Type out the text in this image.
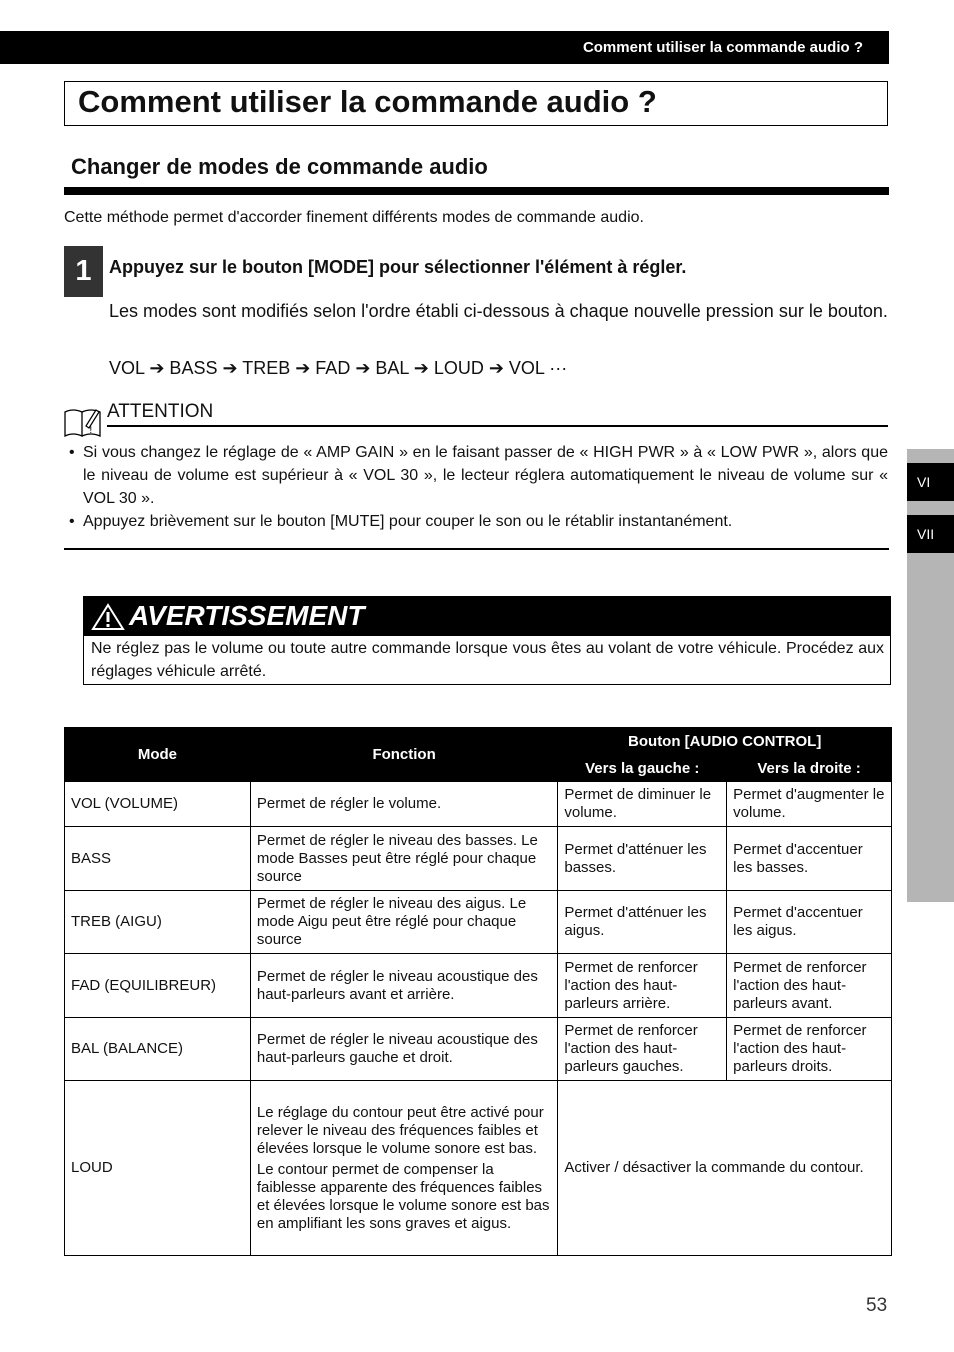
Comment utiliser la commande audio ?
Comment utiliser la commande audio ?
Changer de modes de commande audio
Cette méthode permet d'accorder finement différents modes de commande audio.
1 Appuyez sur le bouton [MODE] pour sélectionner l'élément à régler.
Les modes sont modifiés selon l'ordre établi ci-dessous à chaque nouvelle pression sur le bouton.
VOL ➔ BASS ➔ TREB ➔ FAD ➔ BAL ➔ LOUD ➔ VOL ···
!
ATTENTION
• Si vous changez le réglage de « AMP GAIN » en le faisant passer de « HIGH PWR » à « LOW PWR », alors que le niveau de volume est supérieur à « VOL 30 », le lecteur réglera automatiquement le niveau de volume sur « VOL 30 ».
• Appuyez brièvement sur le bouton [MUTE] pour couper le son ou le rétablir instantanément.
AVERTISSEMENT
Ne réglez pas le volume ou toute autre commande lorsque vous êtes au volant de votre véhicule. Procédez aux réglages véhicule arrêté.
Mode	Fonction	Bouton [AUDIO CONTROL]	
		Vers la gauche :	Vers la droite :
VOL (VOLUME)	Permet de régler le volume.	Permet de diminuer le volume.	Permet d'augmenter le volume.
BASS	Permet de régler le niveau des basses. Le mode Basses peut être réglé pour chaque source	Permet d'atténuer les basses.	Permet d'accentuer les basses.
TREB (AIGU)	Permet de régler le niveau des aigus. Le mode Aigu peut être réglé pour chaque source	Permet d'atténuer les aigus.	Permet d'accentuer les aigus.
FAD (EQUILIBREUR)	Permet de régler le niveau acoustique des haut-parleurs avant et arrière.	Permet de renforcer l'action des haut-parleurs arrière.	Permet de renforcer l'action des haut-parleurs avant.
BAL (BALANCE)	Permet de régler le niveau acoustique des haut-parleurs gauche et droit.	Permet de renforcer l'action des haut-parleurs gauches.	Permet de renforcer l'action des haut-parleurs droits.
LOUD	Le réglage du contour peut être activé pour relever le niveau des fréquences faibles et élevées lorsque le volume sonore est bas.
Le contour permet de compenser la faiblesse apparente des fréquences faibles et élevées lorsque le volume sonore est bas en amplifiant les sons graves et aigus.	Activer / désactiver la commande du contour.	
VI
VII
53
